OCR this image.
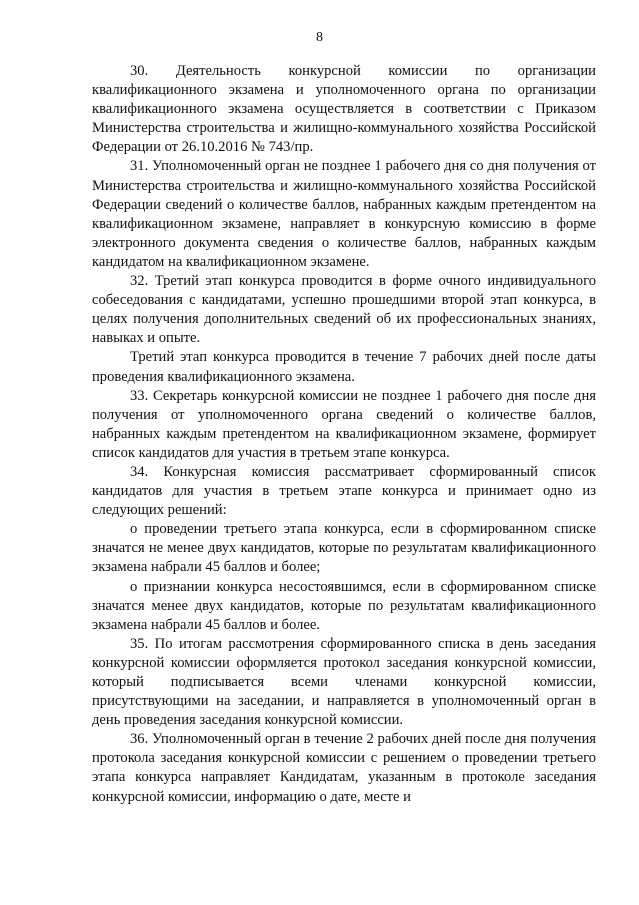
8

30. Деятельность конкурсной комиссии по организации квалификационного экзамена и уполномоченного органа по организации квалификационного экзамена осуществляется в соответствии с Приказом Министерства строительства и жилищно-коммунального хозяйства Российской Федерации от 26.10.2016 № 743/пр.

31. Уполномоченный орган не позднее 1 рабочего дня со дня получения от Министерства строительства и жилищно-коммунального хозяйства Российской Федерации сведений о количестве баллов, набранных каждым претендентом на квалификационном экзамене, направляет в конкурсную комиссию в форме электронного документа сведения о количестве баллов, набранных каждым кандидатом на квалификационном экзамене.

32. Третий этап конкурса проводится в форме очного индивидуального собеседования с кандидатами, успешно прошедшими второй этап конкурса, в целях получения дополнительных сведений об их профессиональных знаниях, навыках и опыте.

Третий этап конкурса проводится в течение 7 рабочих дней после даты проведения квалификационного экзамена.

33. Секретарь конкурсной комиссии не позднее 1 рабочего дня после дня получения от уполномоченного органа сведений о количестве баллов, набранных каждым претендентом на квалификационном экзамене, формирует список кандидатов для участия в третьем этапе конкурса.

34. Конкурсная комиссия рассматривает сформированный список кандидатов для участия в третьем этапе конкурса и принимает одно из следующих решений:

о проведении третьего этапа конкурса, если в сформированном списке значатся не менее двух кандидатов, которые по результатам квалификационного экзамена набрали 45 баллов и более;

о признании конкурса несостоявшимся, если в сформированном списке значатся менее двух кандидатов, которые по результатам квалификационного экзамена набрали 45 баллов и более.

35. По итогам рассмотрения сформированного списка в день заседания конкурсной комиссии оформляется протокол заседания конкурсной комиссии, который подписывается всеми членами конкурсной комиссии, присутствующими на заседании, и направляется в уполномоченный орган в день проведения заседания конкурсной комиссии.

36. Уполномоченный орган в течение 2 рабочих дней после дня получения протокола заседания конкурсной комиссии с решением о проведении третьего этапа конкурса направляет Кандидатам, указанным в протоколе заседания конкурсной комиссии, информацию о дате, месте и
